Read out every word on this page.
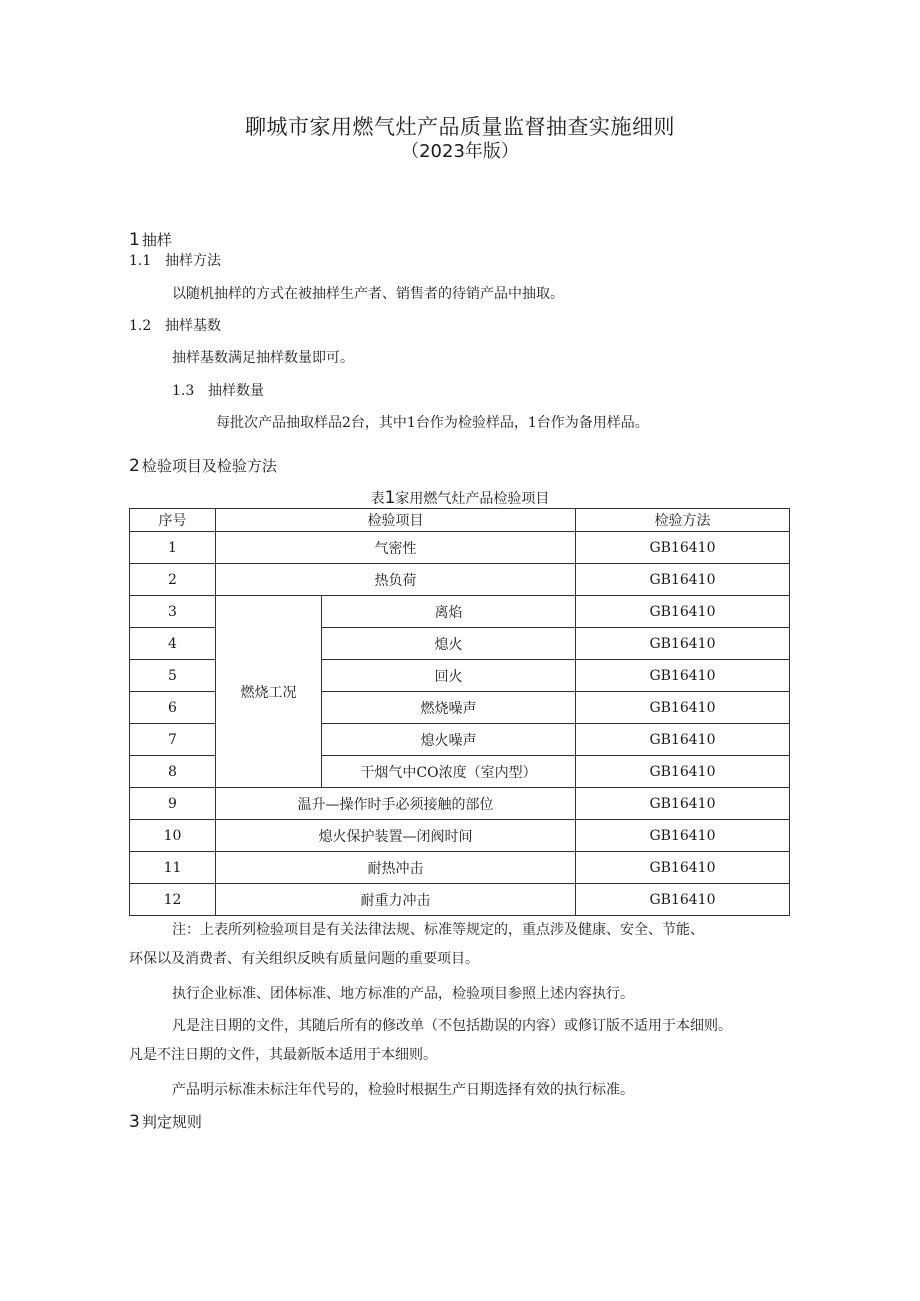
聊城市家用燃气灶产品质量监督抽查实施细则
（2023年版）
1 抽样
1.1 抽样方法
以随机抽样的方式在被抽样生产者、销售者的待销产品中抽取。
1.2 抽样基数
抽样基数满足抽样数量即可。
1.3 抽样数量
每批次产品抽取样品2台，其中1台作为检验样品，1台作为备用样品。
2 检验项目及检验方法
表1家用燃气灶产品检验项目
序号	检验项目		检验方法
1	气密性		GB16410
2	热负荷		GB16410
3	燃烧工况	离焰	GB16410
4		熄火	GB16410
5		回火	GB16410
6		燃烧噪声	GB16410
7		熄火噪声	GB16410
8		干烟气中CO浓度（室内型）	GB16410
9	温升—操作时手必须接触的部位		GB16410
10	熄火保护装置—闭阀时间		GB16410
11	耐热冲击		GB16410
12	耐重力冲击		GB16410
注：上表所列检验项目是有关法律法规、标准等规定的，重点涉及健康、安全、节能、
环保以及消费者、有关组织反映有质量问题的重要项目。
执行企业标准、团体标准、地方标准的产品，检验项目参照上述内容执行。
凡是注日期的文件，其随后所有的修改单（不包括勘误的内容）或修订版不适用于本细则。
凡是不注日期的文件，其最新版本适用于本细则。
产品明示标准未标注年代号的，检验时根据生产日期选择有效的执行标准。
3 判定规则
